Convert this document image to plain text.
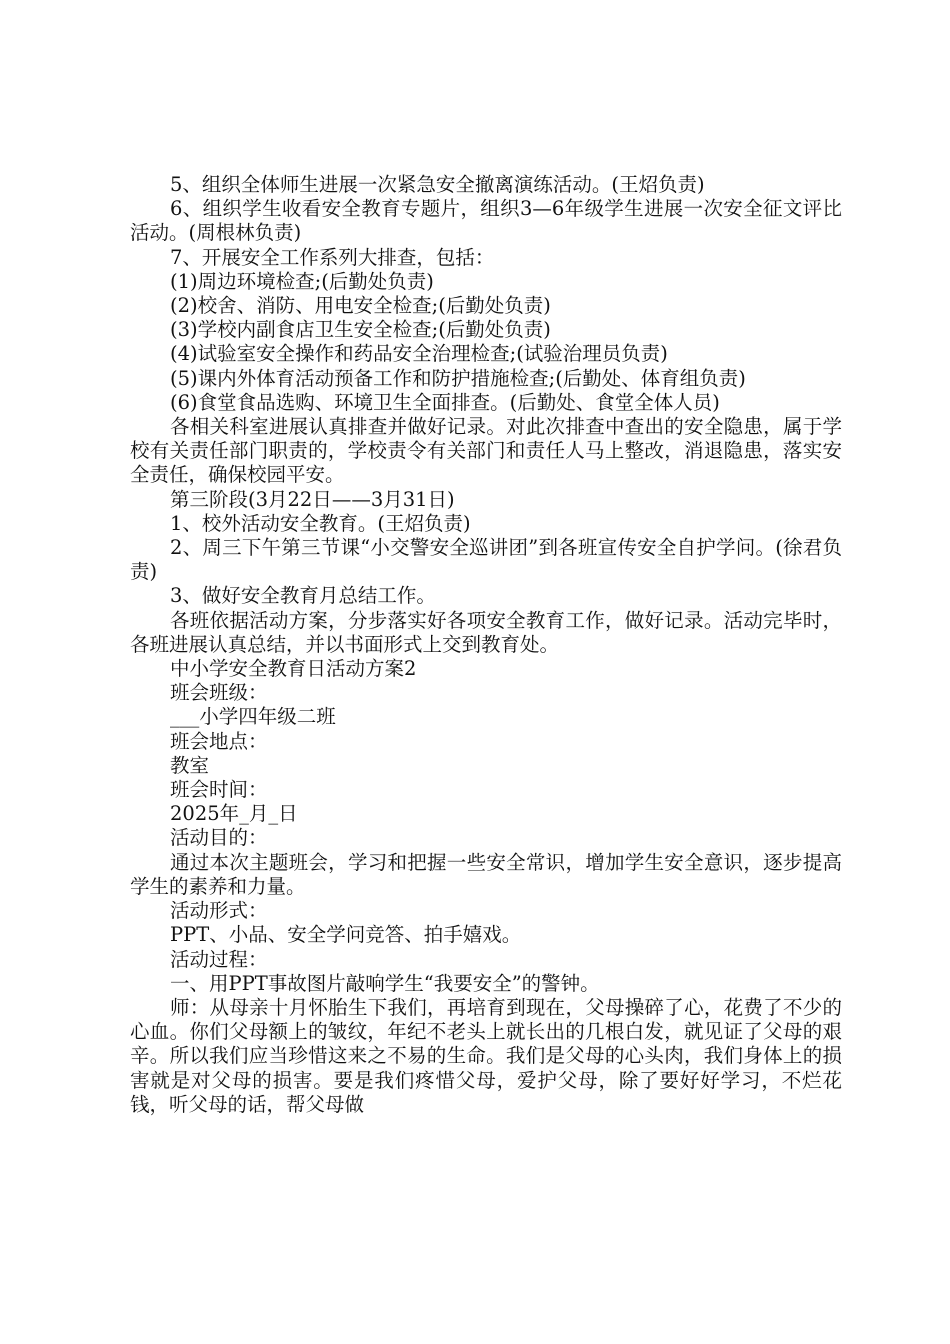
5、组织全体师生进展一次紧急安全撤离演练活动。(王炤负责)

6、组织学生收看安全教育专题片，组织3—6年级学生进展一次安全征文评比活动。(周根林负责)

7、开展安全工作系列大排查，包括：

(1)周边环境检查;(后勤处负责)

(2)校舍、消防、用电安全检查;(后勤处负责)

(3)学校内副食店卫生安全检查;(后勤处负责)

(4)试验室安全操作和药品安全治理检查;(试验治理员负责)

(5)课内外体育活动预备工作和防护措施检查;(后勤处、体育组负责)

(6)食堂食品选购、环境卫生全面排查。(后勤处、食堂全体人员)

各相关科室进展认真排查并做好记录。对此次排查中查出的安全隐患，属于学校有关责任部门职责的，学校责令有关部门和责任人马上整改，消退隐患，落实安全责任，确保校园平安。

第三阶段(3月22日——3月31日)

1、校外活动安全教育。(王炤负责)

2、周三下午第三节课“小交警安全巡讲团”到各班宣传安全自护学问。(徐君负责)

3、做好安全教育月总结工作。

各班依据活动方案，分步落实好各项安全教育工作，做好记录。活动完毕时，各班进展认真总结，并以书面形式上交到教育处。

中小学安全教育日活动方案2

班会班级：

___小学四年级二班

班会地点：

教室

班会时间：

2025年_月_日

活动目的：

通过本次主题班会，学习和把握一些安全常识，增加学生安全意识，逐步提高学生的素养和力量。

活动形式：

PPT、小品、安全学问竞答、拍手嬉戏。

活动过程：

一、用PPT事故图片敲响学生“我要安全”的警钟。

师：从母亲十月怀胎生下我们，再培育到现在，父母操碎了心，花费了不少的心血。你们父母额上的皱纹，年纪不老头上就长出的几根白发，就见证了父母的艰辛。所以我们应当珍惜这来之不易的生命。我们是父母的心头肉，我们身体上的损害就是对父母的损害。要是我们疼惜父母，爱护父母，除了要好好学习，不烂花钱，听父母的话，帮父母做
